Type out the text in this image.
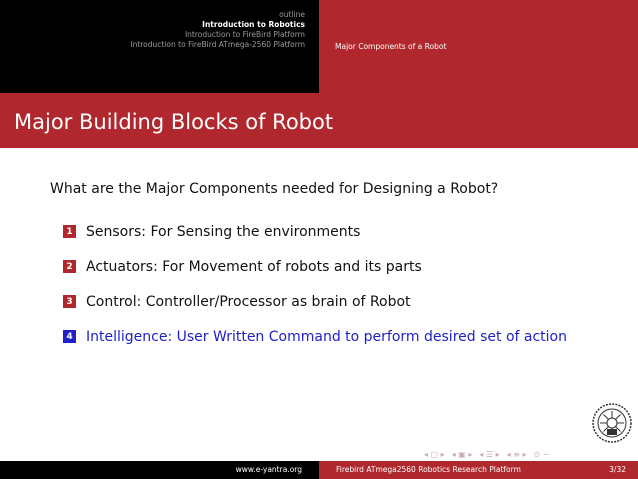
outline
Introduction to Robotics
Introduction to FireBird Platform
Introduction to FireBird ATmega-2560 Platform	Major Components of a Robot
Major Building Blocks of Robot
What are the Major Components needed for Designing a Robot?
1 Sensors: For Sensing the environments
2 Actuators: For Movement of robots and its parts
3 Control: Controller/Processor as brain of Robot
4 Intelligence: User Written Command to perform desired set of action
◂ ▢ ▸ ◂ ▣ ▸ ◂ ☰ ▸ ◂ ≡ ▸ ⊙ ∽
www.e-yantra.org	Firebird ATmega2560 Robotics Research Platform	3/32
